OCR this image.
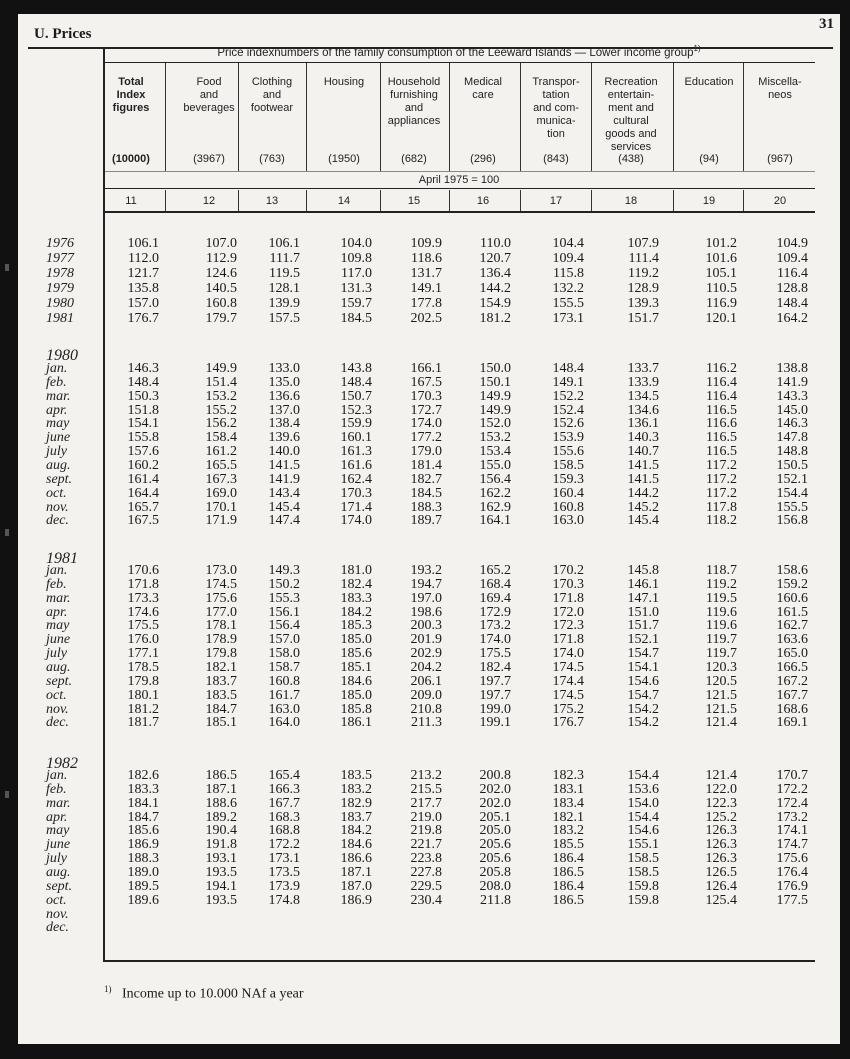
U. Prices
31
Price indexnumbers of the family consumption of the Leeward Islands — Lower income group$^{1)}$
Total
Index
figures
(10000)
11
Food
and
beverages
(3967)
12
Clothing
and
footwear
(763)
13
Housing
(1950)
14
Household
furnishing
and
appliances
(682)
15
Medical
care
(296)
16
Transpor-
tation
and com-
munica-
tion
(843)
17
Recreation
entertain-
ment and
cultural
goods and
services
(438)
18
Education
(94)
19
Miscella-
neos
(967)
20
April 1975 = 100
1976	106.1	107.0	106.1	104.0	109.9	110.0	104.4	107.9	101.2	104.9
1977	112.0	112.9	111.7	109.8	118.6	120.7	109.4	111.4	101.6	109.4
1978	121.7	124.6	119.5	117.0	131.7	136.4	115.8	119.2	105.1	116.4
1979	135.8	140.5	128.1	131.3	149.1	144.2	132.2	128.9	110.5	128.8
1980	157.0	160.8	139.9	159.7	177.8	154.9	155.5	139.3	116.9	148.4
1981	176.7	179.7	157.5	184.5	202.5	181.2	173.1	151.7	120.1	164.2
1980
jan.	146.3	149.9	133.0	143.8	166.1	150.0	148.4	133.7	116.2	138.8
feb.	148.4	151.4	135.0	148.4	167.5	150.1	149.1	133.9	116.4	141.9
mar.	150.3	153.2	136.6	150.7	170.3	149.9	152.2	134.5	116.4	143.3
apr.	151.8	155.2	137.0	152.3	172.7	149.9	152.4	134.6	116.5	145.0
may	154.1	156.2	138.4	159.9	174.0	152.0	152.6	136.1	116.6	146.3
june	155.8	158.4	139.6	160.1	177.2	153.2	153.9	140.3	116.5	147.8
july	157.6	161.2	140.0	161.3	179.0	153.4	155.6	140.7	116.5	148.8
aug.	160.2	165.5	141.5	161.6	181.4	155.0	158.5	141.5	117.2	150.5
sept.	161.4	167.3	141.9	162.4	182.7	156.4	159.3	141.5	117.2	152.1
oct.	164.4	169.0	143.4	170.3	184.5	162.2	160.4	144.2	117.2	154.4
nov.	165.7	170.1	145.4	171.4	188.3	162.9	160.8	145.2	117.8	155.5
dec.	167.5	171.9	147.4	174.0	189.7	164.1	163.0	145.4	118.2	156.8
1981
jan.	170.6	173.0	149.3	181.0	193.2	165.2	170.2	145.8	118.7	158.6
feb.	171.8	174.5	150.2	182.4	194.7	168.4	170.3	146.1	119.2	159.2
mar.	173.3	175.6	155.3	183.3	197.0	169.4	171.8	147.1	119.5	160.6
apr.	174.6	177.0	156.1	184.2	198.6	172.9	172.0	151.0	119.6	161.5
may	175.5	178.1	156.4	185.3	200.3	173.2	172.3	151.7	119.6	162.7
june	176.0	178.9	157.0	185.0	201.9	174.0	171.8	152.1	119.7	163.6
july	177.1	179.8	158.0	185.6	202.9	175.5	174.0	154.7	119.7	165.0
aug.	178.5	182.1	158.7	185.1	204.2	182.4	174.5	154.1	120.3	166.5
sept.	179.8	183.7	160.8	184.6	206.1	197.7	174.4	154.6	120.5	167.2
oct.	180.1	183.5	161.7	185.0	209.0	197.7	174.5	154.7	121.5	167.7
nov.	181.2	184.7	163.0	185.8	210.8	199.0	175.2	154.2	121.5	168.6
dec.	181.7	185.1	164.0	186.1	211.3	199.1	176.7	154.2	121.4	169.1
1982
jan.	182.6	186.5	165.4	183.5	213.2	200.8	182.3	154.4	121.4	170.7
feb.	183.3	187.1	166.3	183.2	215.5	202.0	183.1	153.6	122.0	172.2
mar.	184.1	188.6	167.7	182.9	217.7	202.0	183.4	154.0	122.3	172.4
apr.	184.7	189.2	168.3	183.7	219.0	205.1	182.1	154.4	125.2	173.2
may	185.6	190.4	168.8	184.2	219.8	205.0	183.2	154.6	126.3	174.1
june	186.9	191.8	172.2	184.6	221.7	205.6	185.5	155.1	126.3	174.7
july	188.3	193.1	173.1	186.6	223.8	205.6	186.4	158.5	126.3	175.6
aug.	189.0	193.5	173.5	187.1	227.8	205.8	186.5	158.5	126.5	176.4
sept.	189.5	194.1	173.9	187.0	229.5	208.0	186.4	159.8	126.4	176.9
oct.	189.6	193.5	174.8	186.9	230.4	211.8	186.5	159.8	125.4	177.5
nov.
dec.
$^{1)}$ Income up to 10.000 NAf a year
